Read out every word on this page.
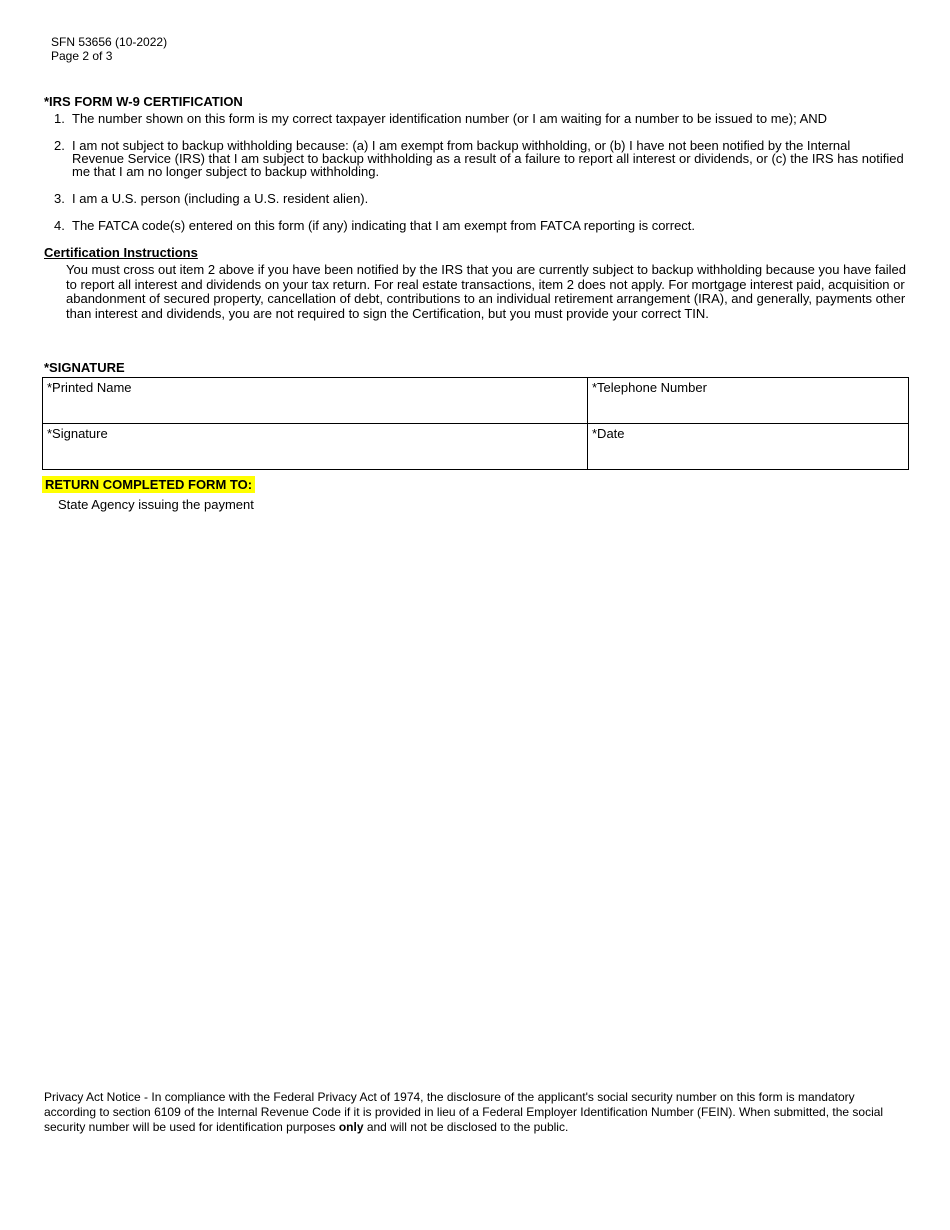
SFN 53656 (10-2022)
Page 2 of 3
*IRS FORM W-9 CERTIFICATION
1. The number shown on this form is my correct taxpayer identification number (or I am waiting for a number to be issued to me); AND
2. I am not subject to backup withholding because: (a) I am exempt from backup withholding, or (b) I have not been notified by the Internal Revenue Service (IRS) that I am subject to backup withholding as a result of a failure to report all interest or dividends, or (c) the IRS has notified me that I am no longer subject to backup withholding.
3. I am a U.S. person (including a U.S. resident alien).
4. The FATCA code(s) entered on this form (if any) indicating that I am exempt from FATCA reporting is correct.
Certification Instructions
You must cross out item 2 above if you have been notified by the IRS that you are currently subject to backup withholding because you have failed to report all interest and dividends on your tax return. For real estate transactions, item 2 does not apply. For mortgage interest paid, acquisition or abandonment of secured property, cancellation of debt, contributions to an individual retirement arrangement (IRA), and generally, payments other than interest and dividends, you are not required to sign the Certification, but you must provide your correct TIN.
*SIGNATURE
*Printed Name	*Telephone Number
*Signature	*Date
RETURN COMPLETED FORM TO:
State Agency issuing the payment
Privacy Act Notice - In compliance with the Federal Privacy Act of 1974, the disclosure of the applicant's social security number on this form is mandatory according to section 6109 of the Internal Revenue Code if it is provided in lieu of a Federal Employer Identification Number (FEIN). When submitted, the social security number will be used for identification purposes only and will not be disclosed to the public.
